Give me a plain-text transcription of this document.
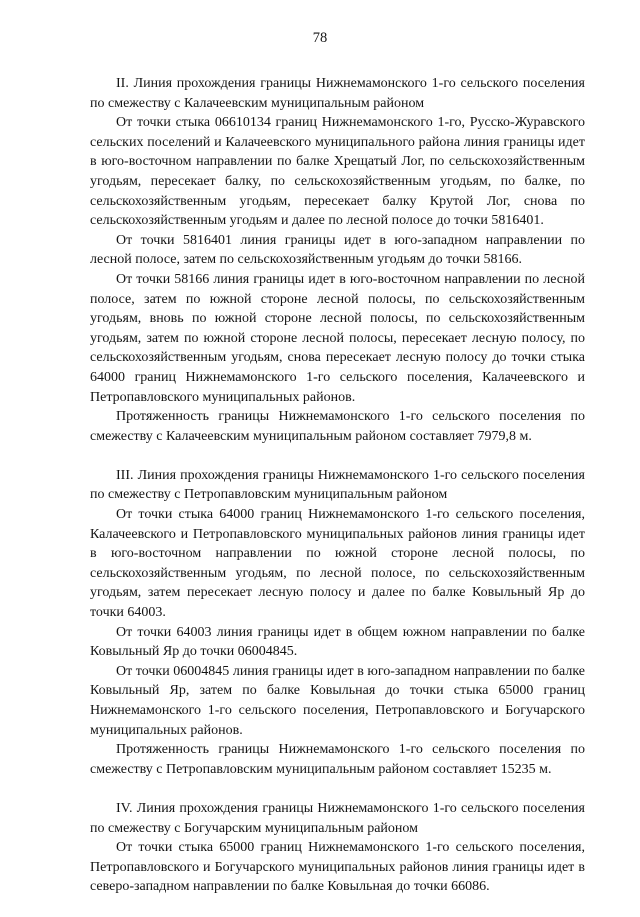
78

II. Линия прохождения границы Нижнемамонского 1-го сельского поселения по смежеству с Калачеевским муниципальным районом

От точки стыка 06610134 границ Нижнемамонского 1-го, Русско-Журавского сельских поселений и Калачеевского муниципального района линия границы идет в юго-восточном направлении по балке Хрещатый Лог, по сельскохозяйственным угодьям, пересекает балку, по сельскохозяйственным угодьям, по балке, по сельскохозяйственным угодьям, пересекает балку Крутой Лог, снова по сельскохозяйственным угодьям и далее по лесной полосе до точки 5816401.

От точки 5816401 линия границы идет в юго-западном направлении по лесной полосе, затем по сельскохозяйственным угодьям до точки 58166.

От точки 58166 линия границы идет в юго-восточном направлении по лесной полосе, затем по южной стороне лесной полосы, по сельскохозяйственным угодьям, вновь по южной стороне лесной полосы, по сельскохозяйственным угодьям, затем по южной стороне лесной полосы, пересекает лесную полосу, по сельскохозяйственным угодьям, снова пересекает лесную полосу до точки стыка 64000 границ Нижнемамонского 1-го сельского поселения, Калачеевского и Петропавловского муниципальных районов.

Протяженность границы Нижнемамонского 1-го сельского поселения по смежеству с Калачеевским муниципальным районом составляет 7979,8 м.

III. Линия прохождения границы Нижнемамонского 1-го сельского поселения по смежеству с Петропавловским муниципальным районом

От точки стыка 64000 границ Нижнемамонского 1-го сельского поселения, Калачеевского и Петропавловского муниципальных районов линия границы идет в юго-восточном направлении по южной стороне лесной полосы, по сельскохозяйственным угодьям, по лесной полосе, по сельскохозяйственным угодьям, затем пересекает лесную полосу и далее по балке Ковыльный Яр до точки 64003.

От точки 64003 линия границы идет в общем южном направлении по балке Ковыльный Яр до точки 06004845.

От точки 06004845 линия границы идет в юго-западном направлении по балке Ковыльный Яр, затем по балке Ковыльная до точки стыка 65000 границ Нижнемамонского 1-го сельского поселения, Петропавловского и Богучарского муниципальных районов.

Протяженность границы Нижнемамонского 1-го сельского поселения по смежеству с Петропавловским муниципальным районом составляет 15235 м.

IV. Линия прохождения границы Нижнемамонского 1-го сельского поселения по смежеству с Богучарским муниципальным районом

От точки стыка 65000 границ Нижнемамонского 1-го сельского поселения, Петропавловского и Богучарского муниципальных районов линия границы идет в северо-западном направлении по балке Ковыльная до точки 66086.
